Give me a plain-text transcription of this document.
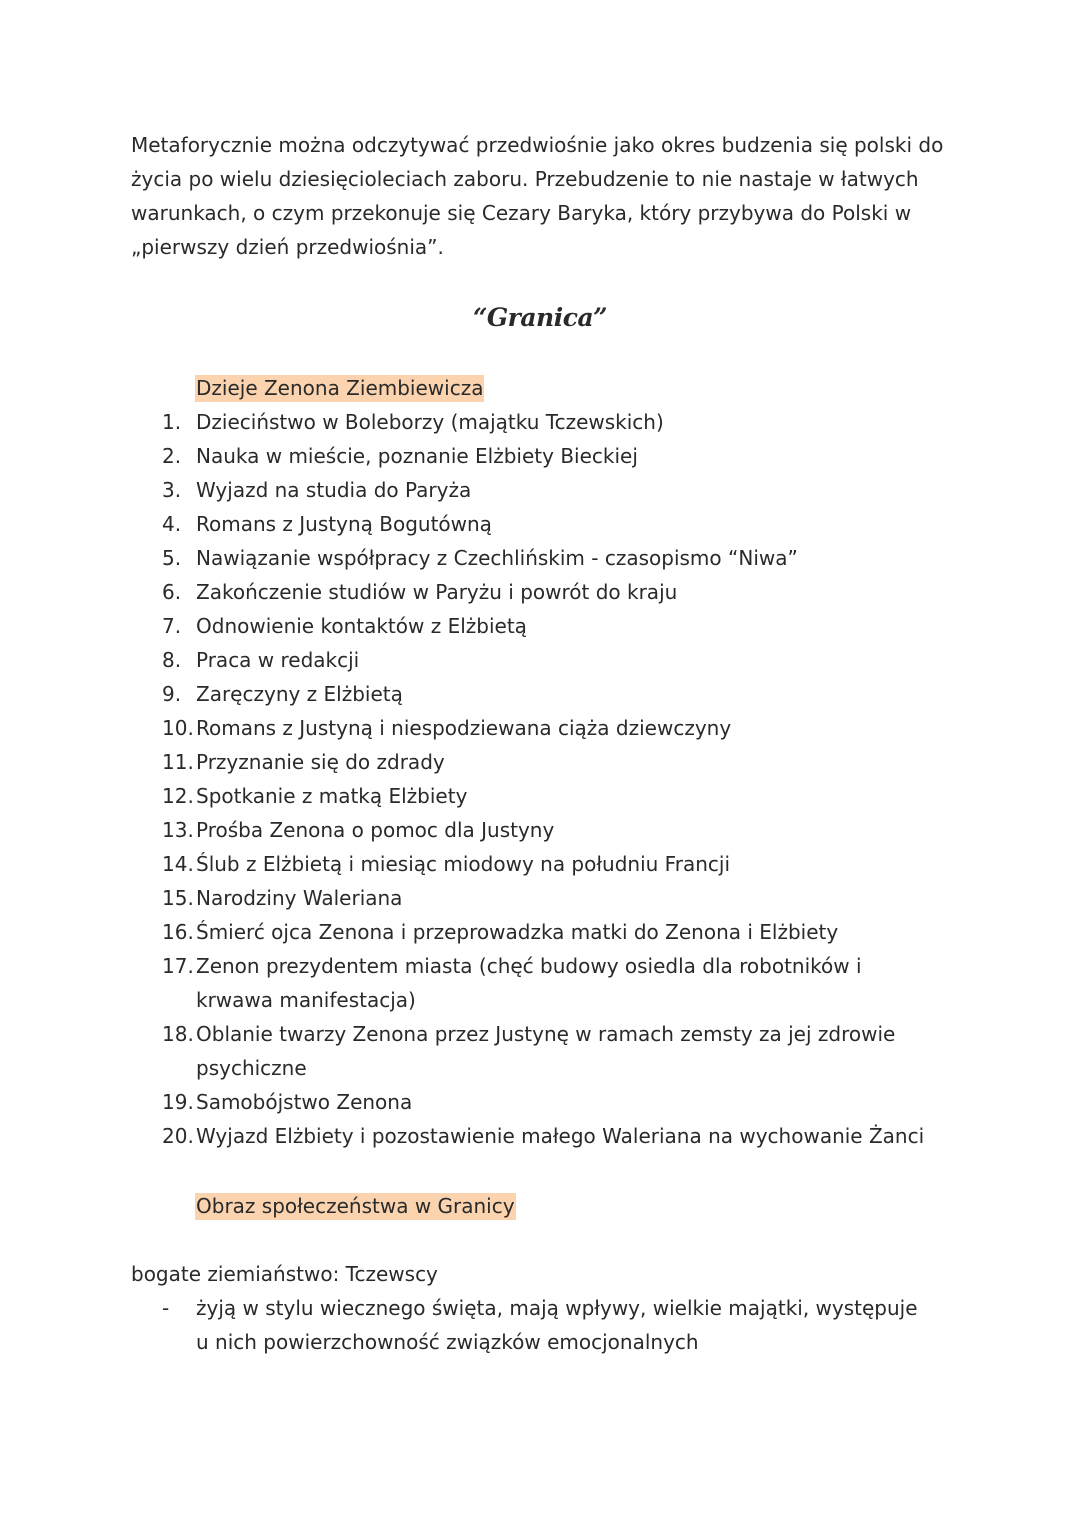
Metaforycznie można odczytywać przedwiośnie jako okres budzenia się polski do życia po wielu dziesięcioleciach zaboru. Przebudzenie to nie nastaje w łatwych warunkach, o czym przekonuje się Cezary Baryka, który przybywa do Polski w „pierwszy dzień przedwiośnia”.

“Granica”

Dzieje Zenona Ziembiewicza

1. Dzieciństwo w Boleborzy (majątku Tczewskich)
2. Nauka w mieście, poznanie Elżbiety Bieckiej
3. Wyjazd na studia do Paryża
4. Romans z Justyną Bogutówną
5. Nawiązanie współpracy z Czechlińskim - czasopismo “Niwa”
6. Zakończenie studiów w Paryżu i powrót do kraju
7. Odnowienie kontaktów z Elżbietą
8. Praca w redakcji
9. Zaręczyny z Elżbietą
10. Romans z Justyną i niespodziewana ciąża dziewczyny
11. Przyznanie się do zdrady
12. Spotkanie z matką Elżbiety
13. Prośba Zenona o pomoc dla Justyny
14. Ślub z Elżbietą i miesiąc miodowy na południu Francji
15. Narodziny Waleriana
16. Śmierć ojca Zenona i przeprowadzka matki do Zenona i Elżbiety
17. Zenon prezydentem miasta (chęć budowy osiedla dla robotników i krwawa manifestacja)
18. Oblanie twarzy Zenona przez Justynę w ramach zemsty za jej zdrowie psychiczne
19. Samobójstwo Zenona
20. Wyjazd Elżbiety i pozostawienie małego Waleriana na wychowanie Żanci

Obraz społeczeństwa w Granicy

bogate ziemiaństwo: Tczewscy

- żyją w stylu wiecznego święta, mają wpływy, wielkie majątki, występuje u nich powierzchowność związków emocjonalnych
